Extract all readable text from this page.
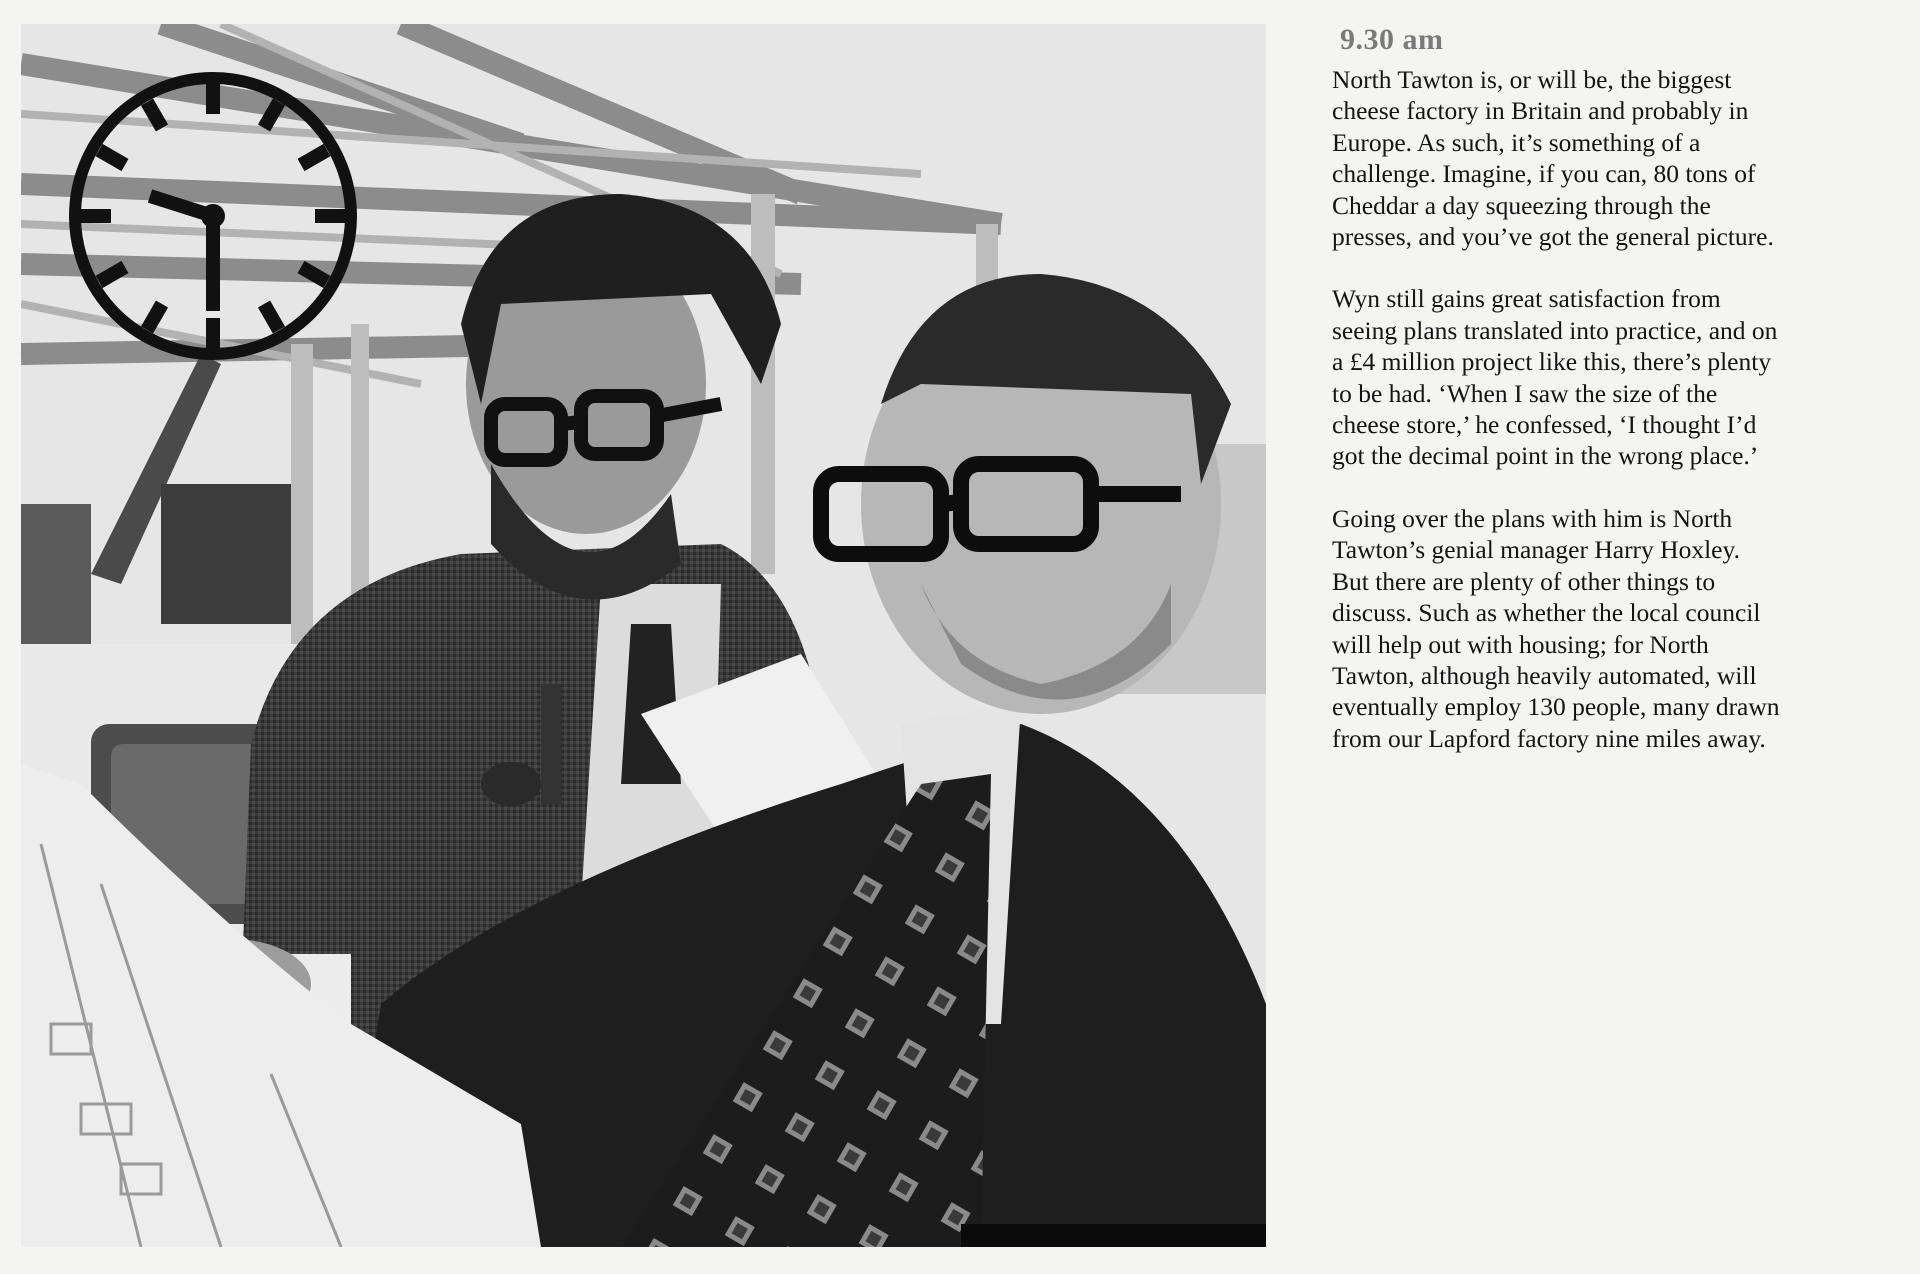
9.30 am
North Tawton is, or will be, the biggest
cheese factory in Britain and probably in
Europe. As such, it’s something of a
challenge. Imagine, if you can, 80 tons of
Cheddar a day squeezing through the
presses, and you’ve got the general picture.
Wyn still gains great satisfaction from
seeing plans translated into practice, and on
a £4 million project like this, there’s plenty
to be had. ‘When I saw the size of the
cheese store,’ he confessed, ‘I thought I’d
got the decimal point in the wrong place.’
Going over the plans with him is North
Tawton’s genial manager Harry Hoxley.
But there are plenty of other things to
discuss. Such as whether the local council
will help out with housing; for North
Tawton, although heavily automated, will
eventually employ 130 people, many drawn
from our Lapford factory nine miles away.
